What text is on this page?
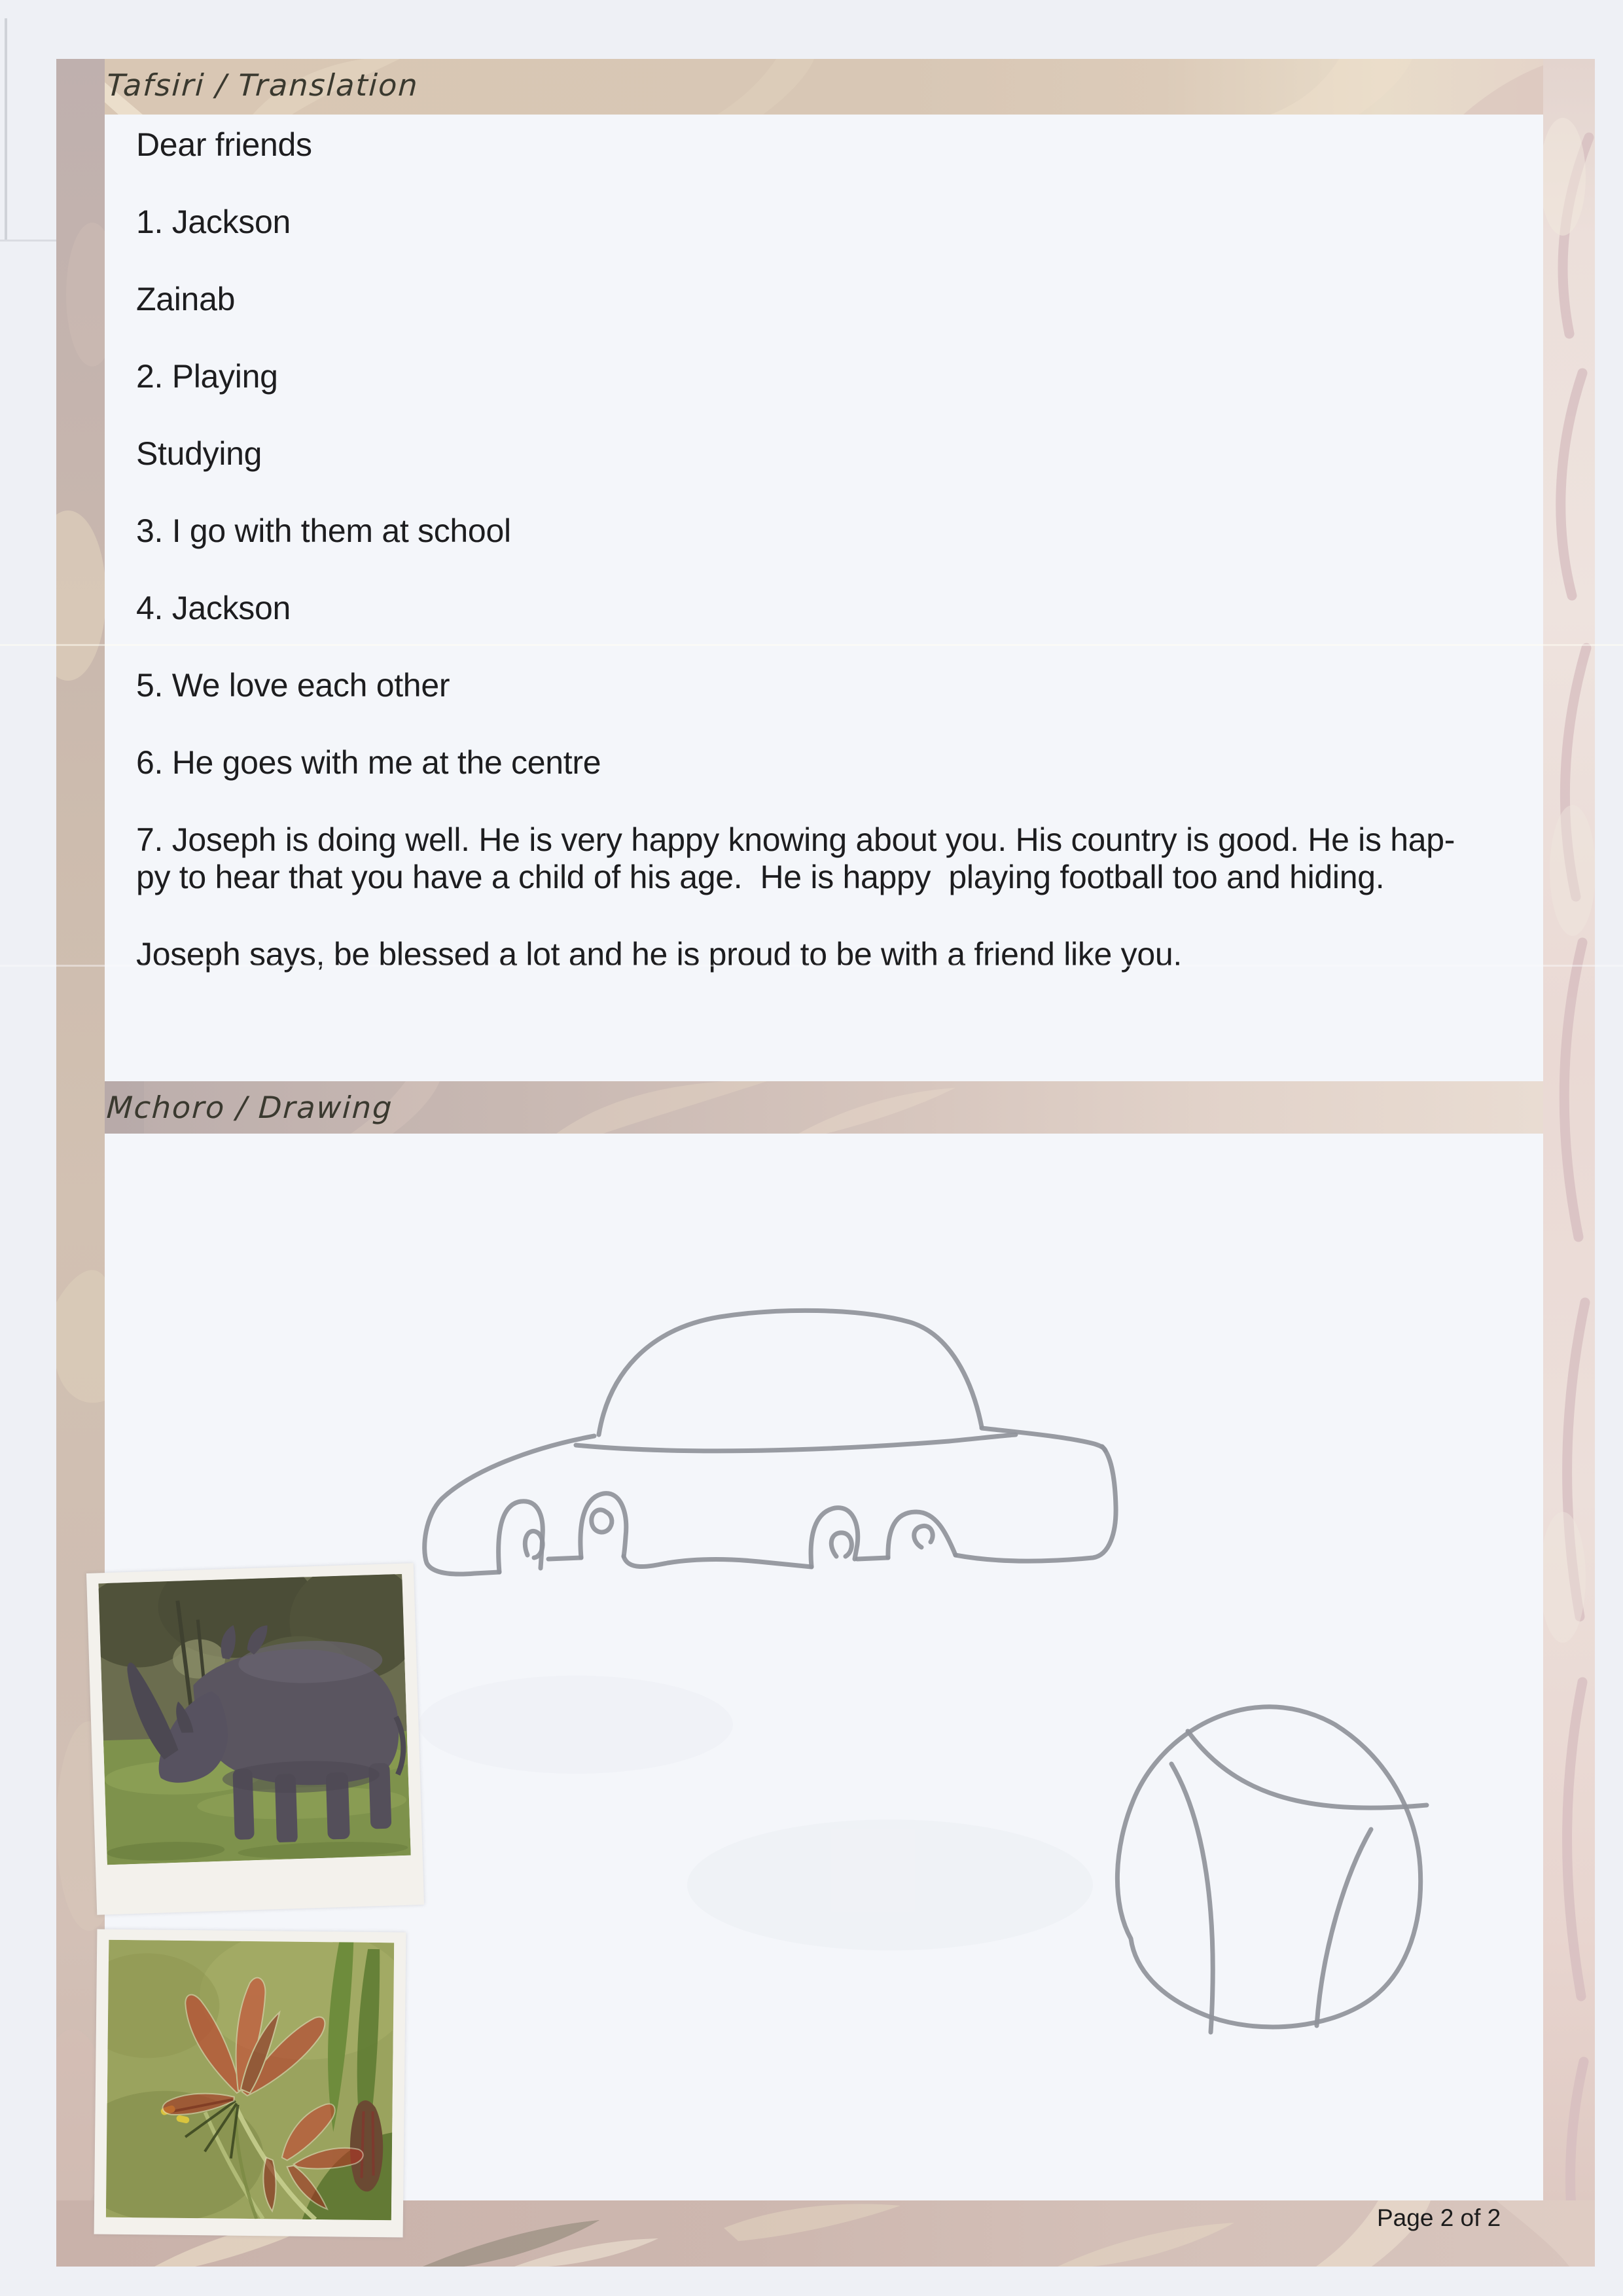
Tafsiri / Translation
Mchoro / Drawing
Dear friends
1. Jackson
Zainab
2. Playing
Studying
3. I go with them at school
4. Jackson
5. We love each other
6. He goes with me at the centre
7. Joseph is doing well. He is very happy knowing about you. His country is good. He is hap-
py to hear that you have a child of his age.  He is happy  playing football too and hiding.
Joseph says, be blessed a lot and he is proud to be with a friend like you.
Page 2 of 2
